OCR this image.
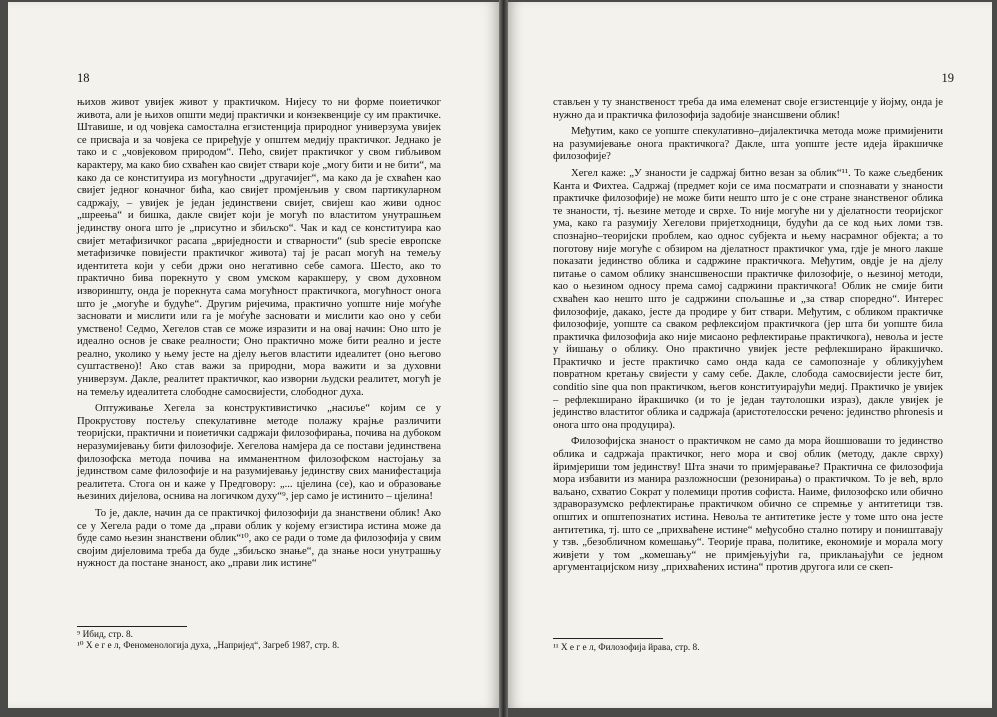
18

њихов живот увијек живот у практичком. Нијесу то ни форме поиетичког живота, али је њихов општи медиј практички и конзеквенције су им практичке. Штавише, и од човјека самостална егзистенција природног универзума увијек се присваја и за човјека се приређује у општем медију практичког. Једнако је тако и с „човјековом природом“. Пећо, свијет практичког у свом гибљивом карактеру, ма како био схваћен као свијет ствари које „могу бити и не бити“, ма како да се конституира из могућности „другачијег“, ма како да је схваћен као свијет једног коначног бића, као свијет промјенљив у свом партикуларном садржају, – увијек је један јединствени свијет, свијеш као живи однос „шреења“ и бишка, дакле свијет који је могућ по властитом унутрашњем јединству онога што је „присутно и збиљско“. Чак и кад се конституира као свијет метафизичког расапа „вриједности и стварности“ (sub specie европске метафизичке повијести практичког живота) тај је расап могућ на темељу идентитета који у себи држи оно негативно себе самога. Шесто, ако то практично бива порекнуто у свом умском каракшеру, у свом духовном извориншту, онда је порекнута сама могућност практичкога, могућност онога што је „могуће и будуће“. Другим ријечима, практично уопште није моѓуће засновати и мислити или га је моѓуће засновати и мислити као оно у себи умствено! Седмо, Хегелов став се може изразити и на овај начин: Оно што је идеално основ је сваке реалности; Оно практично може бити реално и јесте реално, уколико у њему јесте на дјелу његов властити идеалитет (оно његово суштаствено)! Ако став важи за природни, мора важити и за духовни универзум. Дакле, реалитет практичког, као изворни људски реалитет, могућ је на темељу идеалитета слободне самосвијести, слободног духа.

Оптуживање Хегела за конструктивистичко „насиље“ којим се у Прокрустову постељу спекулативне методе полажу крајње различити теоријски, практични и поиетички садржаји филозофирања, почива на дубоком неразумијевању бити филозофије. Хегелова намјера да се постави јединствена филозофска метода почива на имманентном филозофском настојању за јединством саме филозофије и на разумијевању јединству свих манифестација реалитета. Стога он и каже у Предговору: „... цјелина (се), као и образовање њезиних дијелова, оснива на логичком духу“⁹, јер само је истинито – цјелина!

То је, дакле, начин да се практичкој филозофији да знанствени облик! Ако се у Хегела ради о томе да „прави облик у којему егзистира истина може да буде само њезин знанствени облик“¹⁰, ако се ради о томе да филозофија у свим својим дијеловима треба да буде „збиљско знање“, да знање носи унутрашњу нужност да постане знаност, ако „прави лик истине“

⁹ Ибид, стр. 8.
¹⁰ Х е г е л, Феноменологија духа, „Напријед“, Загреб 1987, стр. 8.
19

стављен у ту знанственост треба да има елеменат своје егзистенције у йојму, онда је нужно да и практичка филозофија задобије знансшвени облик!

Међутим, како се уопште спекулативно–дијалектичка метода може примијенити на разумијевање онога практичкога? Дакле, шта уопште јесте идеја йракшичке филозофије?

Хегел каже: „У знаности је садржај битно везан за облик“¹¹. То каже сљедбеник Канта и Фихтеа. Садржај (предмет који се има посматрати и спознавати у знаности практичке филозофије) не може бити нешто што је с оне стране знанственог облика те знаности, тј. њезине методе и сврхе. То није могуће ни у дјелатности теоријског ума, како га разумију Хегелови пријетходници, будући да се код њих ломи тзв. спознајно–теоријски проблем, као однос субјекта и њему насрамног објекта; а то поготову није могуће с обзиром на дјелатност практичког ума, гдје је много лакше показати јединство облика и садржине практичкога. Међутим, овдје је на дјелу питање о самом облику знансшвеносши практичке филозофије, о њезиној методи, као о њезином односу према самој садржини практичкога! Облик не смије бити схваћен као нешто што је садржини спољашње и „за ствар споредно“. Интерес филозофије, дакако, јесте да продире у бит ствари. Међутим, с обликом практичке филозофије, уопште са сваком рефлексијом практичкога (јер шта би уопште била практичка филозофија ако није мисаоно рефлектирање практичкога), невоља и јесте у йишању о облику. Оно практично увијек јесте рефлекширано йракшичко. Практичко и јесте практичко само онда када се самопознаје у обликујућем повратном кретању свијести у саму себе. Дакле, слобода самосвијести јесте бит, conditio sine qua non практичком, његов конституирајући медиј. Практичко је увијек – рефлекширано йракшичко (и то је један таутолошки израз), дакле увијек је јединство властитог облика и садржаја (аристотелосски речено: јединство phronesis и онога што она продуцира).

Филозофијска знаност о практичком не само да мора йошшоваши то јединство облика и садржаја практичког, него мора и свој облик (методу, дакле сврху) йримјериши том јединству! Шта значи то примјеравање? Практична се филозофија мора избавити из манира разложносши (резонирања) о практичком. То је већ, врло ваљано, схватио Сократ у полемици против софиста. Наиме, филозофско или обично здраворазумско рефлектирање практичком обично се спремње у антитетици тзв. општих и општепознатих истина. Невоља те антитетике јесте у томе што она јесте антитетика, тј. што се „прихваћене истине“ међусобно стално потиру и поништавају у тзв. „безобличном комешању“. Теорије права, политике, економије и морала могу живјети у том „комешању“ не примјењујући га, приклањајући се једном аргументацијском низу „прихваћених истина“ против другога или се скеп-

¹¹ Х е г е л, Филозофија йрава, стр. 8.
